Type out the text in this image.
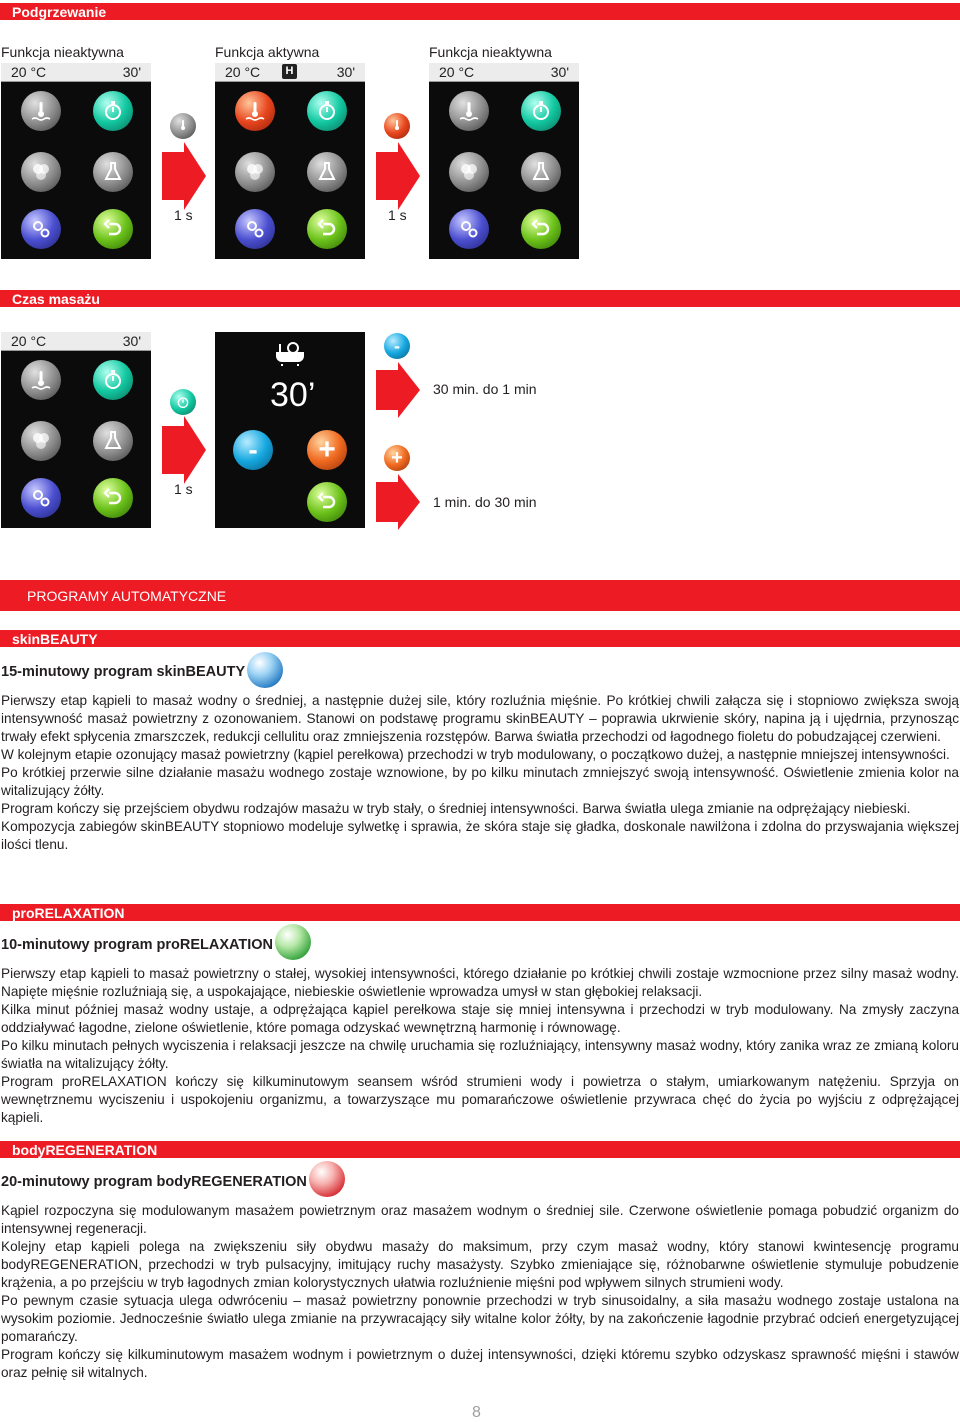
Podgrzewanie
Funkcja nieaktywna	Funkcja aktywna	Funkcja nieaktywna
20 °C	30'
1 s
20 °C	H	30'
1 s
20 °C	30'
Czas masażu
20 °C	30'
1 s
- +
30’
-
30 min. do 1 min
+
1 min. do 30 min
PROGRAMY AUTOMATYCZNE
skinBEAUTY
15-minutowy program skinBEAUTY

Pierwszy etap kąpieli to masaż wodny o średniej, a następnie dużej sile, który rozluźnia mięśnie. Po krótkiej chwili załącza się i stopniowo zwiększa swoją intensywność masaż powietrzny z ozonowaniem. Stanowi on podstawę programu skinBEAUTY – poprawia ukrwienie skóry, napina ją i ujędrnia, przynosząc trwały efekt spłycenia zmarszczek, redukcji cellulitu oraz zmniejszenia rozstępów. Barwa światła przechodzi od łagodnego fioletu do pobudzającej czerwieni.

W kolejnym etapie ozonujący masaż powietrzny (kąpiel perełkowa) przechodzi w tryb modulowany, o początkowo dużej, a następnie mniejszej intensywności.

Po krótkiej przerwie silne działanie masażu wodnego zostaje wznowione, by po kilku minutach zmniejszyć swoją intensywność. Oświetlenie zmienia kolor na witalizujący żółty.

Program kończy się przejściem obydwu rodzajów masażu w tryb stały, o średniej intensywności. Barwa światła ulega zmianie na odprężający niebieski.

Kompozycja zabiegów skinBEAUTY stopniowo modeluje sylwetkę i sprawia, że skóra staje się gładka, doskonale nawilżona i zdolna do przyswajania większej ilości tlenu.

proRELAXATION
10-minutowy program proRELAXATION

Pierwszy etap kąpieli to masaż powietrzny o stałej, wysokiej intensywności, którego działanie po krótkiej chwili zostaje wzmocnione przez silny masaż wodny. Napięte mięśnie rozluźniają się, a uspokajające, niebieskie oświetlenie wprowadza umysł w stan głębokiej relaksacji.

Kilka minut później masaż wodny ustaje, a odprężająca kąpiel perełkowa staje się mniej intensywna i przechodzi w tryb modulowany. Na zmysły zaczyna oddziaływać łagodne, zielone oświetlenie, które pomaga odzyskać wewnętrzną harmonię i równowagę.

Po kilku minutach pełnych wyciszenia i relaksacji jeszcze na chwilę uruchamia się rozluźniający, intensywny masaż wodny, który zanika wraz ze zmianą koloru światła na witalizujący żółty.

Program proRELAXATION kończy się kilkuminutowym seansem wśród strumieni wody i powietrza o stałym, umiarkowanym natężeniu. Sprzyja on wewnętrznemu wyciszeniu i uspokojeniu organizmu, a towarzyszące mu pomarańczowe oświetlenie przywraca chęć do życia po wyjściu z odprężającej kąpieli.

bodyREGENERATION
20-minutowy program bodyREGENERATION

Kąpiel rozpoczyna się modulowanym masażem powietrznym oraz masażem wodnym o średniej sile. Czerwone oświetlenie pomaga pobudzić organizm do intensywnej regeneracji.

Kolejny etap kąpieli polega na zwiększeniu siły obydwu masaży do maksimum, przy czym masaż wodny, który stanowi kwintesencję programu bodyREGENERATION, przechodzi w tryb pulsacyjny, imitujący ruchy masażysty. Szybko zmieniające się, różnobarwne oświetlenie stymuluje pobudzenie krążenia, a po przejściu w tryb łagodnych zmian kolorystycznych ułatwia rozluźnienie mięśni pod wpływem silnych strumieni wody.

Po pewnym czasie sytuacja ulega odwróceniu – masaż powietrzny ponownie przechodzi w tryb sinusoidalny, a siła masażu wodnego zostaje ustalona na wysokim poziomie. Jednocześnie światło ulega zmianie na przywracający siły witalne kolor żółty, by na zakończenie łagodnie przybrać odcień energetyzującej pomarańczy.

Program kończy się kilkuminutowym masażem wodnym i powietrznym o dużej intensywności, dzięki któremu szybko odzyskasz sprawność mięśni i stawów oraz pełnię sił witalnych.

8
